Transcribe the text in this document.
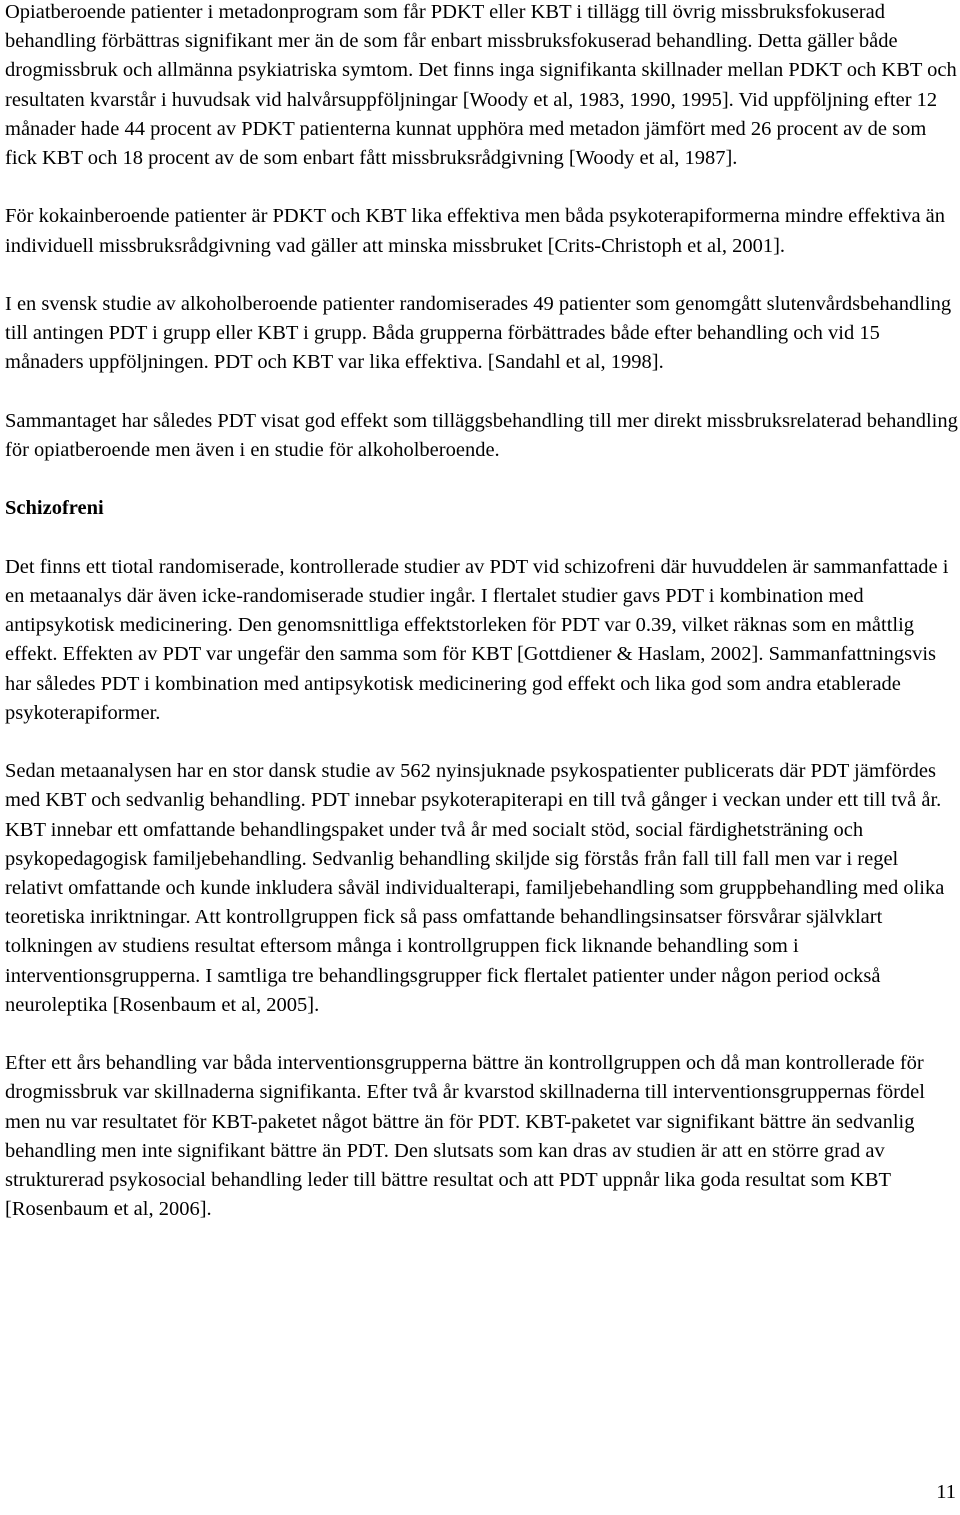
Opiatberoende patienter i metadonprogram som får PDKT eller KBT i tillägg till övrig missbruksfokuserad behandling förbättras signifikant mer än de som får enbart missbruksfokuserad behandling. Detta gäller både drogmissbruk och allmänna psykiatriska symtom. Det finns inga signifikanta skillnader mellan PDKT och KBT och resultaten kvarstår i huvudsak vid halvårsuppföljningar [Woody et al, 1983, 1990, 1995]. Vid uppföljning efter 12 månader hade 44 procent av PDKT patienterna kunnat upphöra med metadon jämfört med 26 procent av de som fick KBT och 18 procent av de som enbart fått missbruksrådgivning [Woody et al, 1987].

För kokainberoende patienter är PDKT och KBT lika effektiva men båda psykoterapiformerna mindre effektiva än individuell missbruksrådgivning vad gäller att minska missbruket [Crits-Christoph et al, 2001].

I en svensk studie av alkoholberoende patienter randomiserades 49 patienter som genomgått slutenvårdsbehandling till antingen PDT i grupp eller KBT i grupp. Båda grupperna förbättrades både efter behandling och vid 15 månaders uppföljningen. PDT och KBT var lika effektiva. [Sandahl et al, 1998].

Sammantaget har således PDT visat god effekt som tilläggsbehandling till mer direkt missbruksrelaterad behandling för opiatberoende men även i en studie för alkoholberoende.

Schizofreni

Det finns ett tiotal randomiserade, kontrollerade studier av PDT vid schizofreni där huvuddelen är sammanfattade i en metaanalys där även icke-randomiserade studier ingår. I flertalet studier gavs PDT i kombination med antipsykotisk medicinering. Den genomsnittliga effektstorleken för PDT var 0.39, vilket räknas som en måttlig effekt. Effekten av PDT var ungefär den samma som för KBT [Gottdiener & Haslam, 2002]. Sammanfattningsvis har således PDT i kombination med antipsykotisk medicinering god effekt och lika god som andra etablerade psykoterapiformer.

Sedan metaanalysen har en stor dansk studie av 562 nyinsjuknade psykospatienter publicerats där PDT jämfördes med KBT och sedvanlig behandling. PDT innebar psykoterapiterapi en till två gånger i veckan under ett till två år. KBT innebar ett omfattande behandlingspaket under två år med socialt stöd, social färdighetsträning och psykopedagogisk familjebehandling. Sedvanlig behandling skiljde sig förstås från fall till fall men var i regel relativt omfattande och kunde inkludera såväl individualterapi, familjebehandling som gruppbehandling med olika teoretiska inriktningar. Att kontrollgruppen fick så pass omfattande behandlingsinsatser försvårar självklart tolkningen av studiens resultat eftersom många i kontrollgruppen fick liknande behandling som i interventionsgrupperna. I samtliga tre behandlingsgrupper fick flertalet patienter under någon period också neuroleptika [Rosenbaum et al, 2005].

Efter ett års behandling var båda interventionsgrupperna bättre än kontrollgruppen och då man kontrollerade för drogmissbruk var skillnaderna signifikanta. Efter två år kvarstod skillnaderna till interventionsgruppernas fördel men nu var resultatet för KBT-paketet något bättre än för PDT. KBT-paketet var signifikant bättre än sedvanlig behandling men inte signifikant bättre än PDT. Den slutsats som kan dras av studien är att en större grad av strukturerad psykosocial behandling leder till bättre resultat och att PDT uppnår lika goda resultat som KBT [Rosenbaum et al, 2006].

11
